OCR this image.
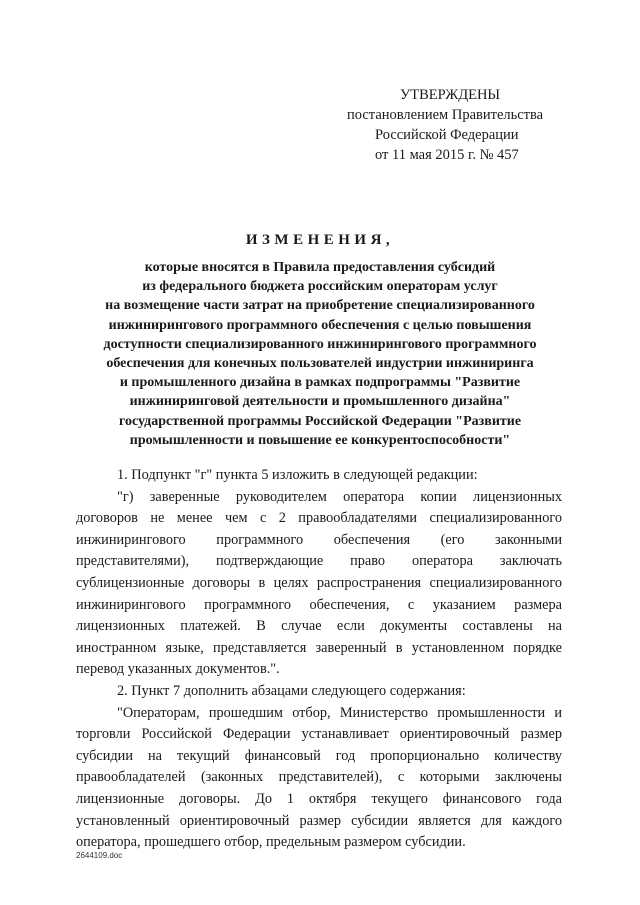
УТВЕРЖДЕНЫ
постановлением Правительства
Российской Федерации
от 11 мая 2015 г. № 457
ИЗМЕНЕНИЯ,
которые вносятся в Правила предоставления субсидий
из федерального бюджета российским операторам услуг
на возмещение части затрат на приобретение специализированного
инжинирингового программного обеспечения с целью повышения
доступности специализированного инжинирингового программного
обеспечения для конечных пользователей индустрии инжиниринга
и промышленного дизайна в рамках подпрограммы "Развитие
инжиниринговой деятельности и промышленного дизайна"
государственной программы Российской Федерации "Развитие
промышленности и повышение ее конкурентоспособности"

1. Подпункт "г" пункта 5 изложить в следующей редакции:

"г) заверенные руководителем оператора копии лицензионных договоров не менее чем с 2 правообладателями специализированного инжинирингового программного обеспечения (его законными представителями), подтверждающие право оператора заключать сублицензионные договоры в целях распространения специализированного инжинирингового программного обеспечения, с указанием размера лицензионных платежей. В случае если документы составлены на иностранном языке, представляется заверенный в установленном порядке перевод указанных документов.".

2. Пункт 7 дополнить абзацами следующего содержания:

"Операторам, прошедшим отбор, Министерство промышленности и торговли Российской Федерации устанавливает ориентировочный размер субсидии на текущий финансовый год пропорционально количеству правообладателей (законных представителей), с которыми заключены лицензионные договоры. До 1 октября текущего финансового года установленный ориентировочный размер субсидии является для каждого оператора, прошедшего отбор, предельным размером субсидии.

2644109.doc
